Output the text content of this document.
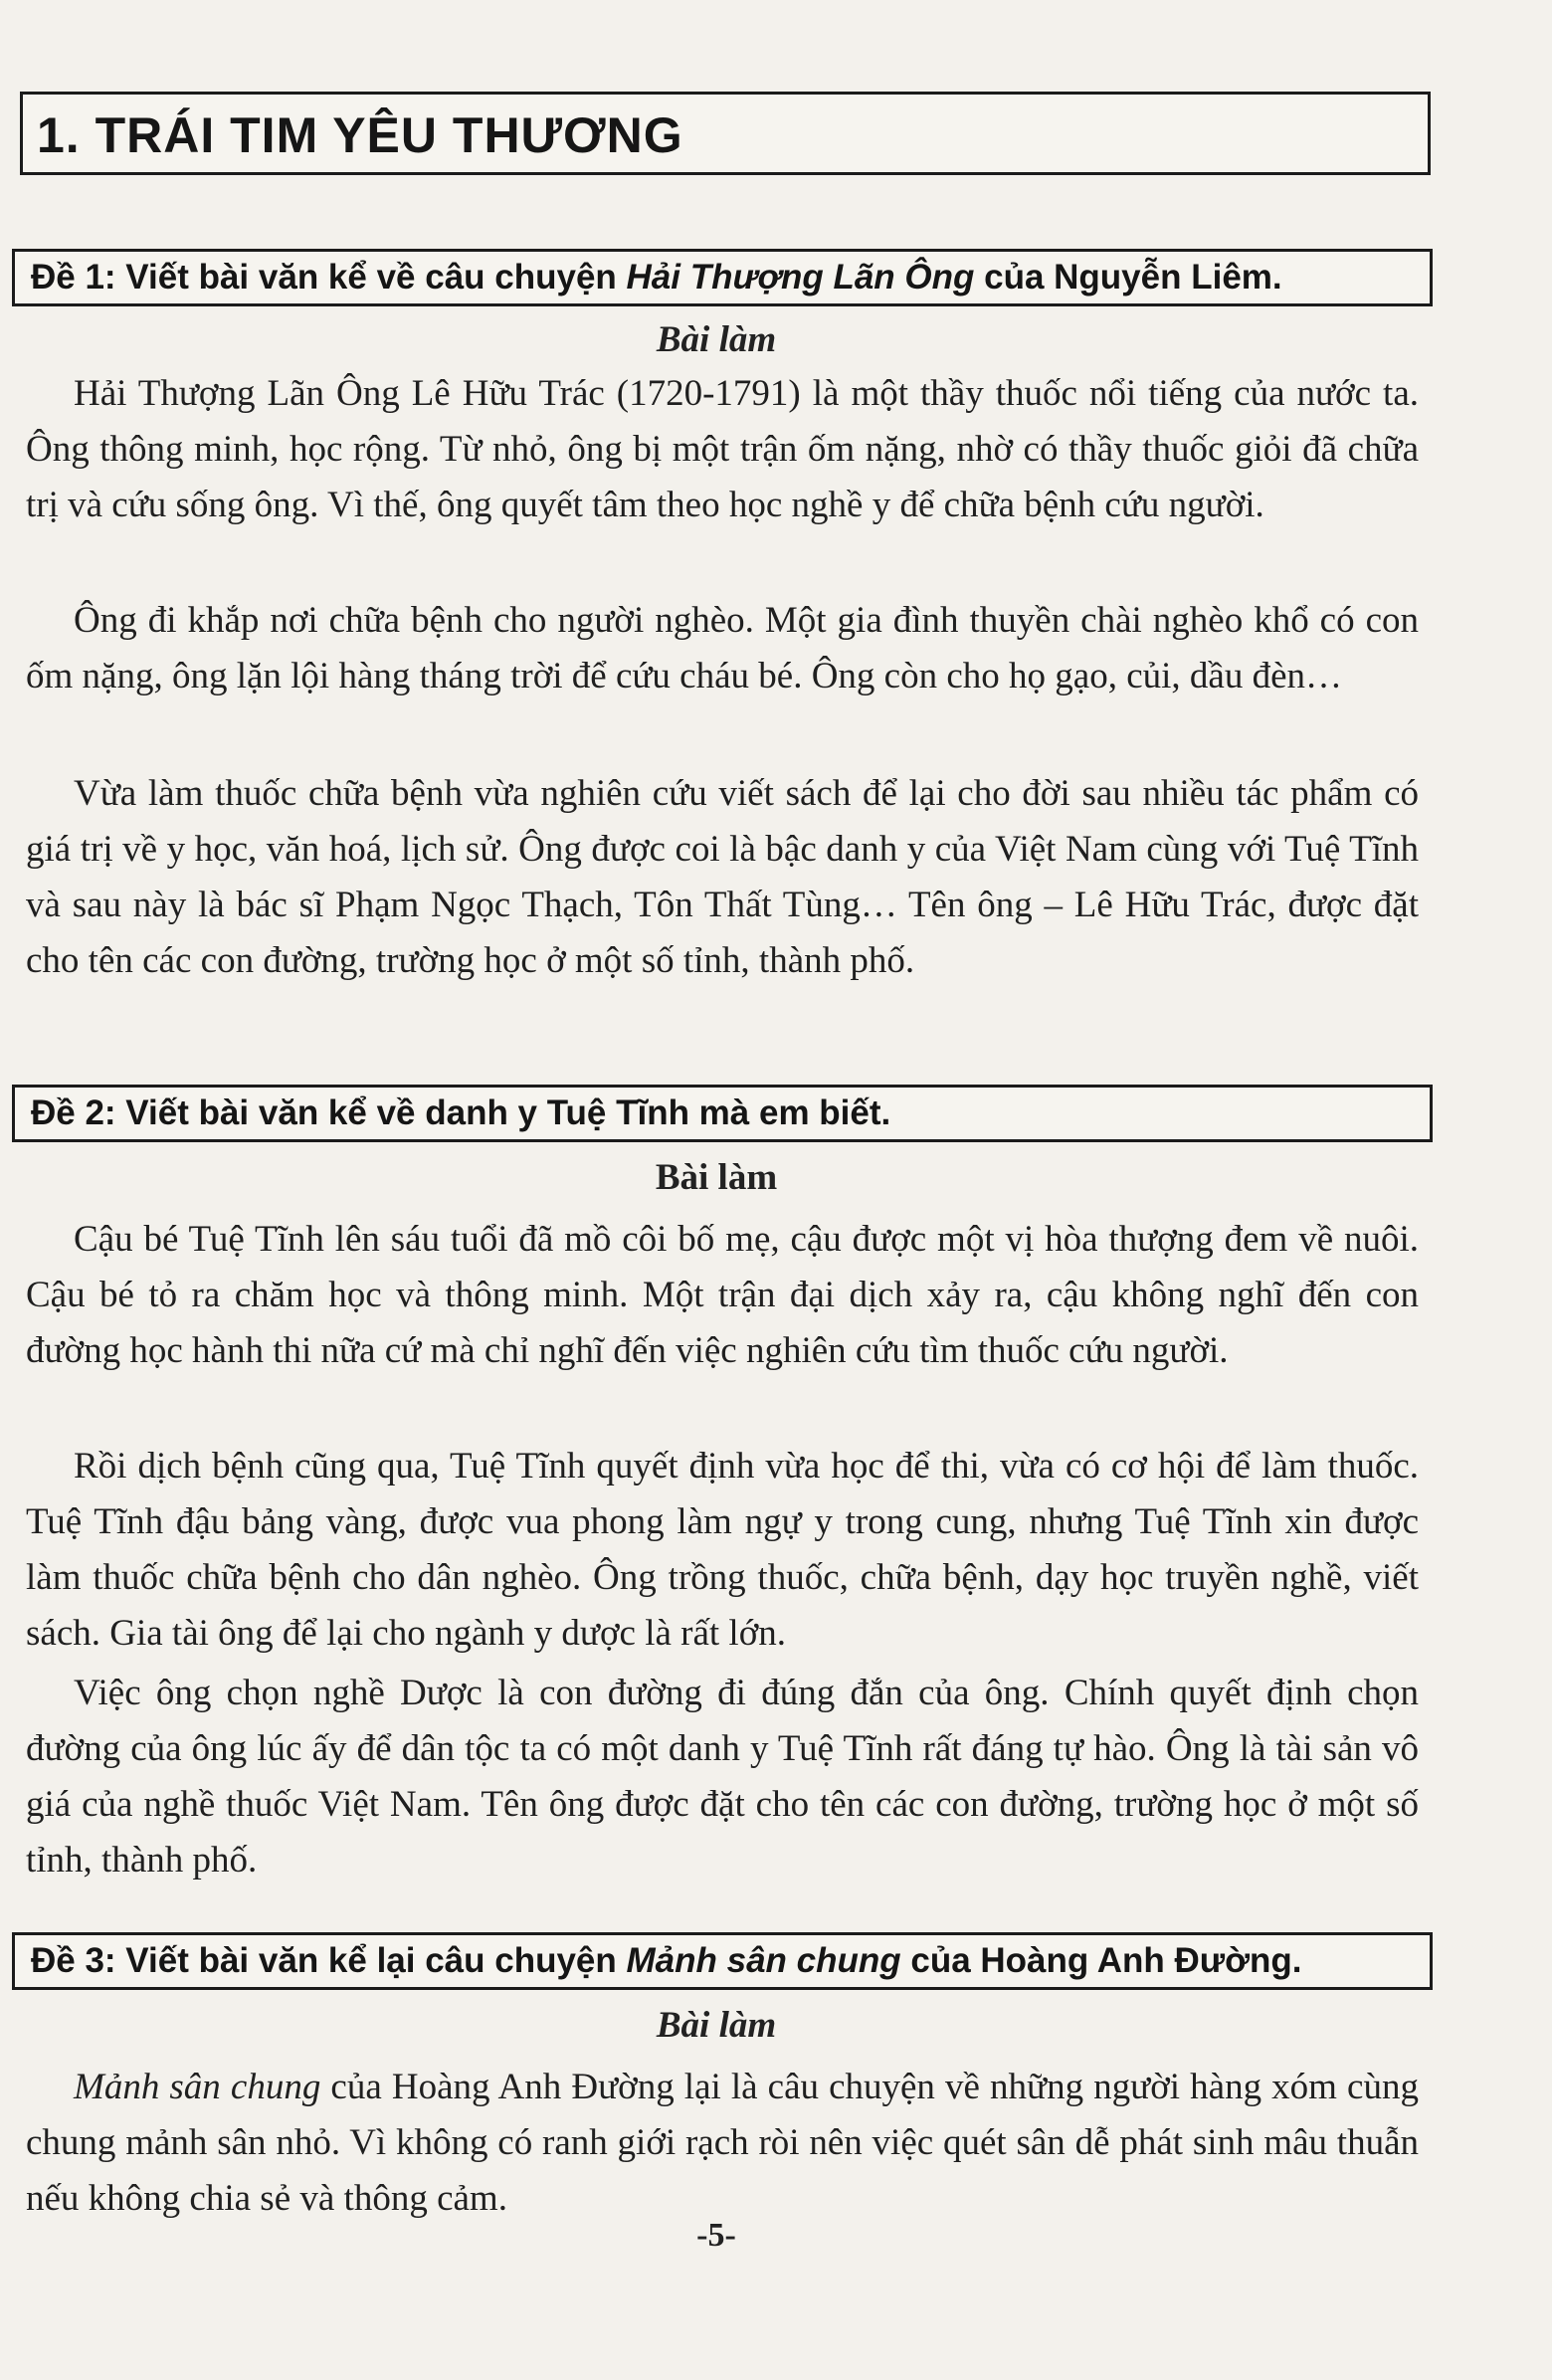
1. TRÁI TIM YÊU THƯƠNG
Đề 1: Viết bài văn kể về câu chuyện Hải Thượng Lãn Ông của Nguyễn Liêm.
Bài làm
Hải Thượng Lãn Ông Lê Hữu Trác (1720-1791) là một thầy thuốc nổi tiếng của nước ta. Ông thông minh, học rộng. Từ nhỏ, ông bị một trận ốm nặng, nhờ có thầy thuốc giỏi đã chữa trị và cứu sống ông. Vì thế, ông quyết tâm theo học nghề y để chữa bệnh cứu người.
Ông đi khắp nơi chữa bệnh cho người nghèo. Một gia đình thuyền chài nghèo khổ có con ốm nặng, ông lặn lội hàng tháng trời để cứu cháu bé. Ông còn cho họ gạo, củi, dầu đèn…
Vừa làm thuốc chữa bệnh vừa nghiên cứu viết sách để lại cho đời sau nhiều tác phẩm có giá trị về y học, văn hoá, lịch sử. Ông được coi là bậc danh y của Việt Nam cùng với Tuệ Tĩnh và sau này là bác sĩ Phạm Ngọc Thạch, Tôn Thất Tùng… Tên ông – Lê Hữu Trác, được đặt cho tên các con đường, trường học ở một số tỉnh, thành phố.
Đề 2: Viết bài văn kể về danh y Tuệ Tĩnh mà em biết.
Bài làm
Cậu bé Tuệ Tĩnh lên sáu tuổi đã mồ côi bố mẹ, cậu được một vị hòa thượng đem về nuôi. Cậu bé tỏ ra chăm học và thông minh. Một trận đại dịch xảy ra, cậu không nghĩ đến con đường học hành thi nữa cứ mà chỉ nghĩ đến việc nghiên cứu tìm thuốc cứu người.
Rồi dịch bệnh cũng qua, Tuệ Tĩnh quyết định vừa học để thi, vừa có cơ hội để làm thuốc. Tuệ Tĩnh đậu bảng vàng, được vua phong làm ngự y trong cung, nhưng Tuệ Tĩnh xin được làm thuốc chữa bệnh cho dân nghèo. Ông trồng thuốc, chữa bệnh, dạy học truyền nghề, viết sách. Gia tài ông để lại cho ngành y dược là rất lớn.
Việc ông chọn nghề Dược là con đường đi đúng đắn của ông. Chính quyết định chọn đường của ông lúc ấy để dân tộc ta có một danh y Tuệ Tĩnh rất đáng tự hào. Ông là tài sản vô giá của nghề thuốc Việt Nam. Tên ông được đặt cho tên các con đường, trường học ở một số tỉnh, thành phố.
Đề 3: Viết bài văn kể lại câu chuyện Mảnh sân chung của Hoàng Anh Đường.
Bài làm
Mảnh sân chung của Hoàng Anh Đường lại là câu chuyện về những người hàng xóm cùng chung mảnh sân nhỏ. Vì không có ranh giới rạch ròi nên việc quét sân dễ phát sinh mâu thuẫn nếu không chia sẻ và thông cảm.
-5-
